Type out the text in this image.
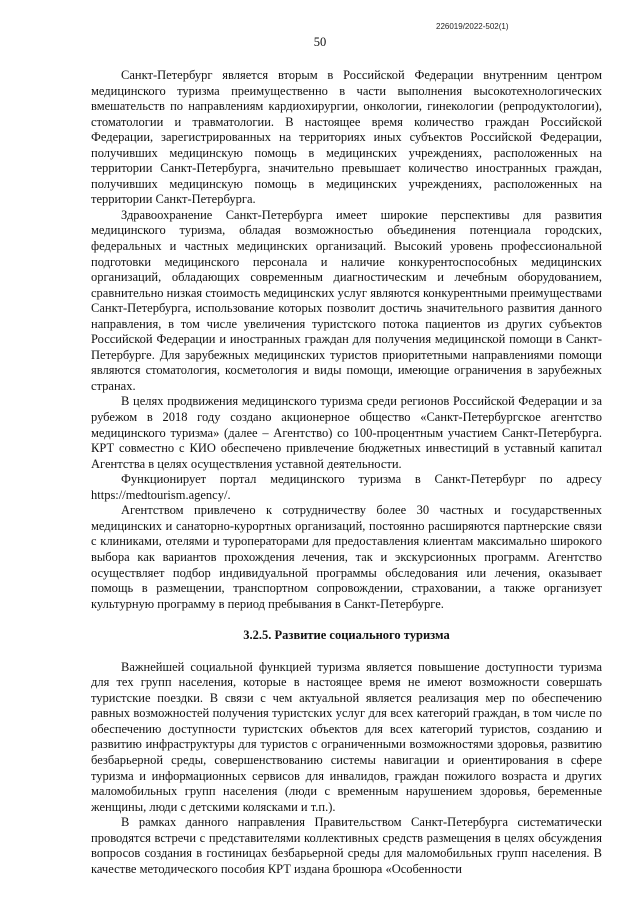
226019/2022-502(1)
50

Санкт-Петербург является вторым в Российской Федерации внутренним центром медицинского туризма преимущественно в части выполнения высокотехнологических вмешательств по направлениям кардиохирургии, онкологии, гинекологии (репродуктологии), стоматологии и травматологии. В настоящее время количество граждан Российской Федерации, зарегистрированных на территориях иных субъектов Российской Федерации, получивших медицинскую помощь в медицинских учреждениях, расположенных на территории Санкт-Петербурга, значительно превышает количество иностранных граждан, получивших медицинскую помощь в медицинских учреждениях, расположенных на территории Санкт-Петербурга.

Здравоохранение Санкт-Петербурга имеет широкие перспективы для развития медицинского туризма, обладая возможностью объединения потенциала городских, федеральных и частных медицинских организаций. Высокий уровень профессиональной подготовки медицинского персонала и наличие конкурентоспособных медицинских организаций, обладающих современным диагностическим и лечебным оборудованием, сравнительно низкая стоимость медицинских услуг являются конкурентными преимуществами Санкт-Петербурга, использование которых позволит достичь значительного развития данного направления, в том числе увеличения туристского потока пациентов из других субъектов Российской Федерации и иностранных граждан для получения медицинской помощи в Санкт-Петербурге. Для зарубежных медицинских туристов приоритетными направлениями помощи являются стоматология, косметология и виды помощи, имеющие ограничения в зарубежных странах.

В целях продвижения медицинского туризма среди регионов Российской Федерации и за рубежом в 2018 году создано акционерное общество «Санкт-Петербургское агентство медицинского туризма» (далее – Агентство) со 100-процентным участием Санкт-Петербурга. КРТ совместно с КИО обеспечено привлечение бюджетных инвестиций в уставный капитал Агентства в целях осуществления уставной деятельности.

Функционирует портал медицинского туризма в Санкт-Петербург по адресу https://medtourism.agency/.

Агентством привлечено к сотрудничеству более 30 частных и государственных медицинских и санаторно-курортных организаций, постоянно расширяются партнерские связи с клиниками, отелями и туроператорами для предоставления клиентам максимально широкого выбора как вариантов прохождения лечения, так и экскурсионных программ. Агентство осуществляет подбор индивидуальной программы обследования или лечения, оказывает помощь в размещении, транспортном сопровождении, страховании, а также организует культурную программу в период пребывания в Санкт-Петербурге.

3.2.5. Развитие социального туризма

Важнейшей социальной функцией туризма является повышение доступности туризма для тех групп населения, которые в настоящее время не имеют возможности совершать туристские поездки. В связи с чем актуальной является реализация мер по обеспечению равных возможностей получения туристских услуг для всех категорий граждан, в том числе по обеспечению доступности туристских объектов для всех категорий туристов, созданию и развитию инфраструктуры для туристов с ограниченными возможностями здоровья, развитию безбарьерной среды, совершенствованию системы навигации и ориентирования в сфере туризма и информационных сервисов для инвалидов, граждан пожилого возраста и других маломобильных групп населения (люди с временным нарушением здоровья, беременные женщины, люди с детскими колясками и т.п.).

В рамках данного направления Правительством Санкт-Петербурга систематически проводятся встречи с представителями коллективных средств размещения в целях обсуждения вопросов создания в гостиницах безбарьерной среды для маломобильных групп населения. В качестве методического пособия КРТ издана брошюра «Особенности
